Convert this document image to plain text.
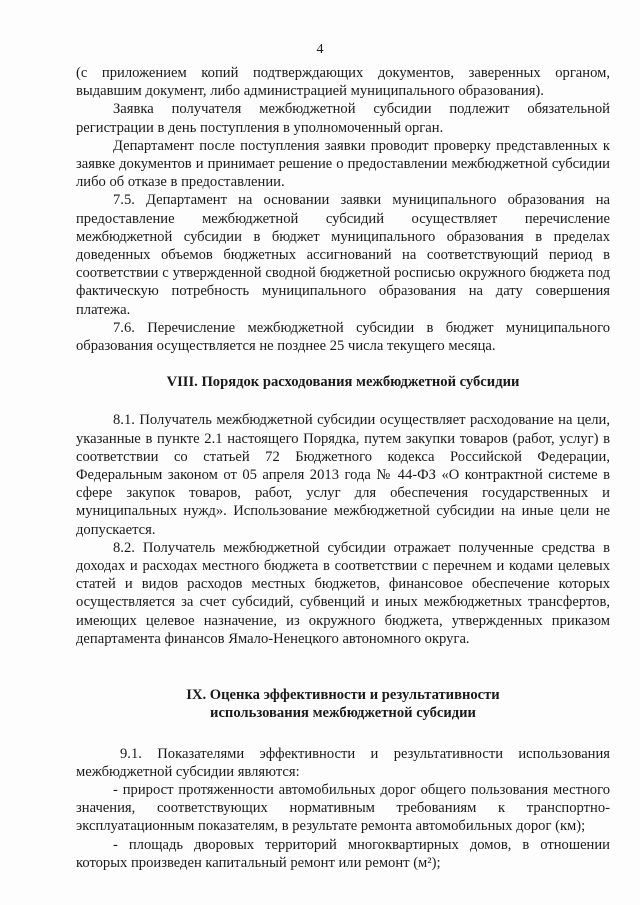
4

(с приложением копий подтверждающих документов, заверенных органом, выдавшим документ, либо администрацией муниципального образования).

Заявка получателя межбюджетной субсидии подлежит обязательной регистрации в день поступления в уполномоченный орган.

Департамент после поступления заявки проводит проверку представленных к заявке документов и принимает решение о предоставлении межбюджетной субсидии либо об отказе в предоставлении.

7.5. Департамент на основании заявки муниципального образования на предоставление межбюджетной субсидий осуществляет перечисление межбюджетной субсидии в бюджет муниципального образования в пределах доведенных объемов бюджетных ассигнований на соответствующий период в соответствии с утвержденной сводной бюджетной росписью окружного бюджета под фактическую потребность муниципального образования на дату совершения платежа.

7.6. Перечисление межбюджетной субсидии в бюджет муниципального образования осуществляется не позднее 25 числа текущего месяца.

VIII. Порядок расходования межбюджетной субсидии

8.1. Получатель межбюджетной субсидии осуществляет расходование на цели, указанные в пункте 2.1 настоящего Порядка, путем закупки товаров (работ, услуг) в соответствии со статьей 72 Бюджетного кодекса Российской Федерации, Федеральным законом от 05 апреля 2013 года № 44-ФЗ «О контрактной системе в сфере закупок товаров, работ, услуг для обеспечения государственных и муниципальных нужд». Использование межбюджетной субсидии на иные цели не допускается.

8.2. Получатель межбюджетной субсидии отражает полученные средства в доходах и расходах местного бюджета в соответствии с перечнем и кодами целевых статей и видов расходов местных бюджетов, финансовое обеспечение которых осуществляется за счет субсидий, субвенций и иных межбюджетных трансфертов, имеющих целевое назначение, из окружного бюджета, утвержденных приказом департамента финансов Ямало-Ненецкого автономного округа.

IX. Оценка эффективности и результативности
использования межбюджетной субсидии

9.1. Показателями эффективности и результативности использования межбюджетной субсидии являются:

- прирост протяженности автомобильных дорог общего пользования местного значения, соответствующих нормативным требованиям к транспортно-эксплуатационным показателям, в результате ремонта автомобильных дорог (км);

- площадь дворовых территорий многоквартирных домов, в отношении которых произведен капитальный ремонт или ремонт (м²);
